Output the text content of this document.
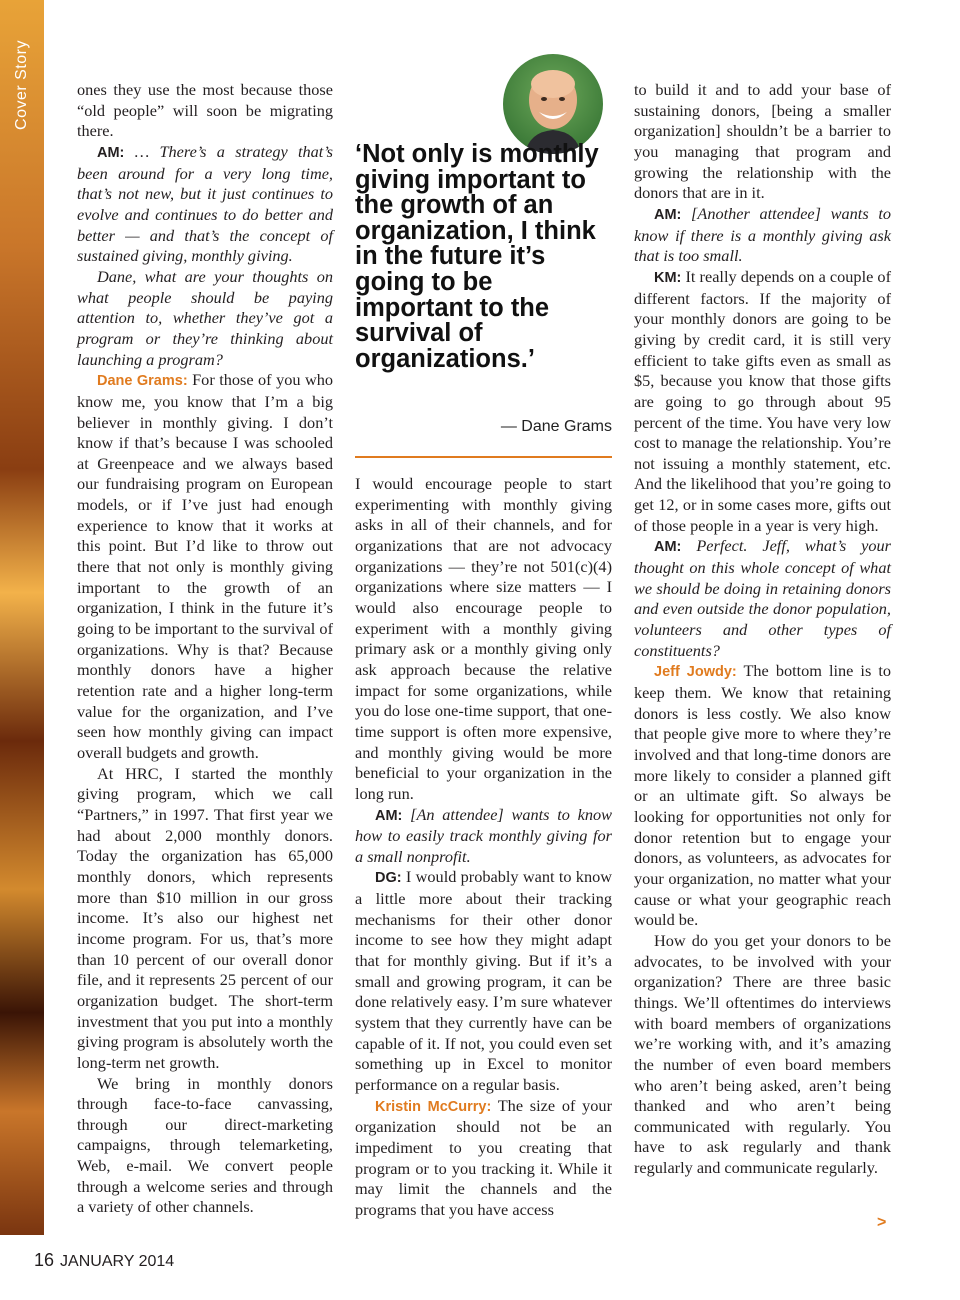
Cover Story	ones they use the most because those “old people” will soon be migrating there.

AM: … There’s a strategy that’s been around for a very long time, that’s not new, but it just continues to evolve and continues to do better and better — and that’s the concept of sustained giving, monthly giving.

Dane, what are your thoughts on what people should be paying attention to, whether they’ve got a program or they’re thinking about launching a program?

Dane Grams: For those of you who know me, you know that I’m a big believer in monthly giving. I don’t know if that’s because I was schooled at Greenpeace and we always based our fundraising program on European models, or if I’ve just had enough experience to know that it works at this point. But I’d like to throw out there that not only is monthly giving important to the growth of an organization, I think in the future it’s going to be important to the survival of organizations. Why is that? Because monthly donors have a higher retention rate and a higher long-term value for the organization, and I’ve seen how monthly giving can impact overall budgets and growth.

At HRC, I started the monthly giving program, which we call “Partners,” in 1997. That first year we had about 2,000 monthly donors. Today the organization has 65,000 monthly donors, which represents more than $10 million in our gross income. It’s also our highest net income program. For us, that’s more than 10 percent of our overall donor file, and it represents 25 percent of our organization budget. The short-term investment that you put into a monthly giving program is absolutely worth the long-term net growth.

We bring in monthly donors through face-to-face canvassing, through our direct-marketing campaigns, through telemarketing, Web, e-mail. We convert people through a welcome series and through a variety of other channels.

‘Not only is monthly giving important to the growth of an organization, I think in the future it’s going to be important to the survival of organizations.’
— Dane Grams

I would encourage people to start experimenting with monthly giving asks in all of their channels, and for organizations that are not advocacy organizations — they’re not 501(c)(4) organizations where size matters — I would also encourage people to experiment with a monthly giving primary ask or a monthly giving only ask approach because the relative impact for some organizations, while you do lose one-time support, that one-time support is often more expensive, and monthly giving would be more beneficial to your organization in the long run.

AM: [An attendee] wants to know how to easily track monthly giving for a small nonprofit.

DG: I would probably want to know a little more about their tracking mechanisms for their other donor income to see how they might adapt that for monthly giving. But if it’s a small and growing program, it can be done relatively easy. I’m sure whatever system that they currently have can be capable of it. If not, you could even set something up in Excel to monitor performance on a regular basis.

Kristin McCurry: The size of your organization should not be an impediment to you creating that program or to you tracking it. While it may limit the channels and the programs that you have access

to build it and to add your base of sustaining donors, [being a smaller organization] shouldn’t be a barrier to you managing that program and growing the relationship with the donors that are in it.

AM: [Another attendee] wants to know if there is a monthly giving ask that is too small.

KM: It really depends on a couple of different factors. If the majority of your monthly donors are going to be giving by credit card, it is still very efficient to take gifts even as small as $5, because you know that those gifts are going to go through about 95 percent of the time. You have very low cost to manage the relationship. You’re not issuing a monthly statement, etc. And the likelihood that you’re going to get 12, or in some cases more, gifts out of those people in a year is very high.

AM: Perfect. Jeff, what’s your thought on this whole concept of what we should be doing in retaining donors and even outside the donor population, volunteers and other types of constituents?

Jeff Jowdy: The bottom line is to keep them. We know that retaining donors is less costly. We also know that people give more to where they’re involved and that long-time donors are more likely to consider a planned gift or an ultimate gift. So always be looking for opportunities not only for donor retention but to engage your donors, as volunteers, as advocates for your organization, no matter what your cause or what your geographic reach would be.

How do you get your donors to be advocates, to be involved with your organization? There are three basic things. We’ll oftentimes do interviews with board members of organizations we’re working with, and it’s amazing the number of even board members who aren’t being asked, aren’t being thanked and who aren’t being communicated with regularly. You have to ask regularly and thank regularly and communicate regularly.

>
16 JANUARY 2014
